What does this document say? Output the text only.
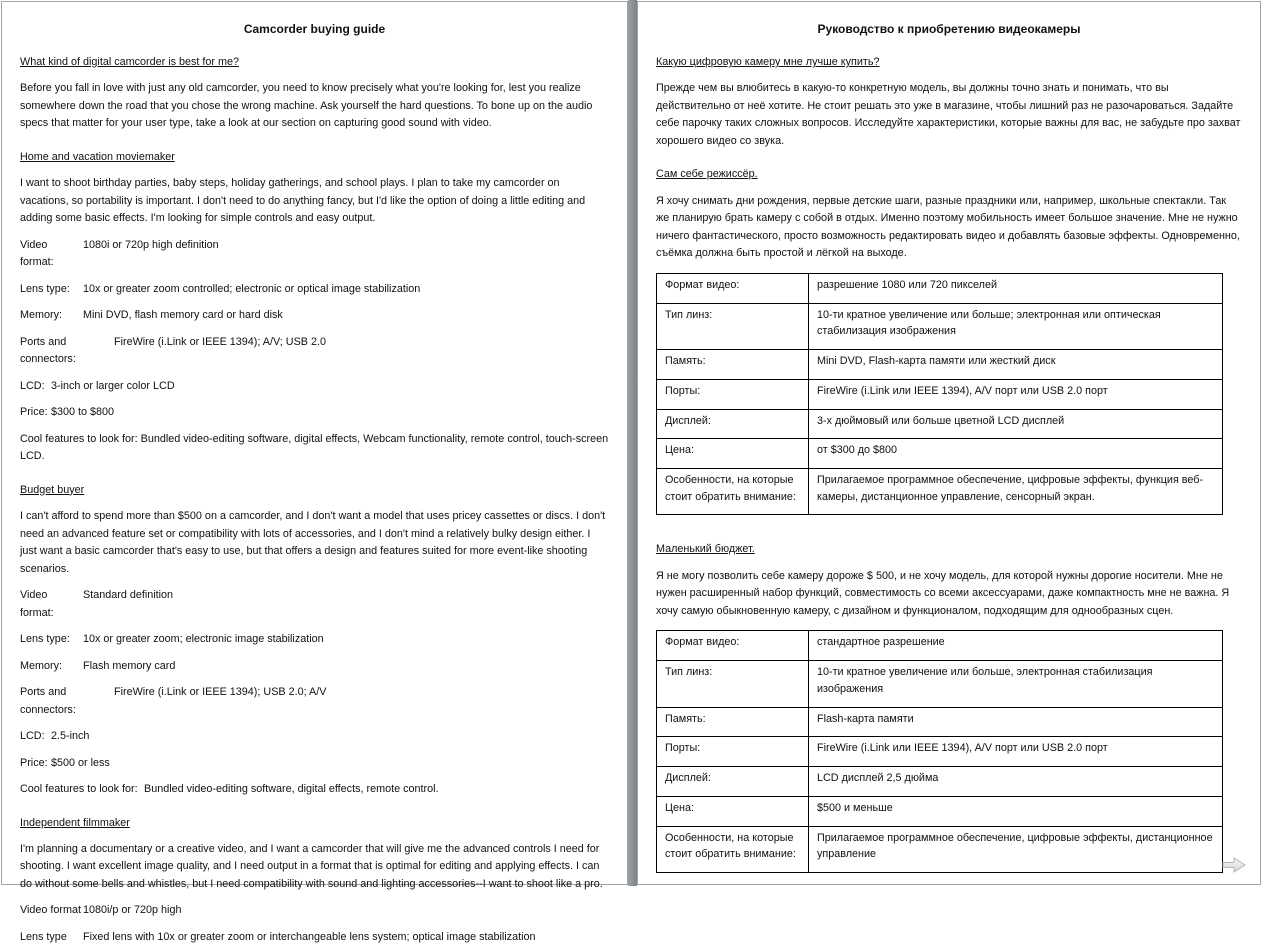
Camcorder buying guide
What kind of digital camcorder is best for me?

Before you fall in love with just any old camcorder, you need to know precisely what you're looking for, lest you realize somewhere down the road that you chose the wrong machine. Ask yourself the hard questions. To bone up on the audio specs that matter for your user type, take a look at our section on capturing good sound with video.

Home and vacation moviemaker

I want to shoot birthday parties, baby steps, holiday gatherings, and school plays. I plan to take my camcorder on vacations, so portability is important. I don't need to do anything fancy, but I'd like the option of doing a little editing and adding some basic effects. I'm looking for simple controls and easy output.

Video format:
1080i or 720p high definition
Lens type:	10x or greater zoom controlled; electronic or optical image stabilization
Memory:	Mini DVD, flash memory card or hard disk
Ports and connectors:
FireWire (i.Link or IEEE 1394); A/V; USB 2.0
LCD: 3-inch or larger color LCD
Price: $300 to $800

Cool features to look for: Bundled video-editing software, digital effects, Webcam functionality, remote control, touch-screen LCD.

Budget buyer

I can't afford to spend more than $500 on a camcorder, and I don't want a model that uses pricey cassettes or discs. I don't need an advanced feature set or compatibility with lots of accessories, and I don't mind a relatively bulky design either. I just want a basic camcorder that's easy to use, but that offers a design and features suited for more event-like shooting scenarios.

Video format:
Standard definition
Lens type:	10x or greater zoom; electronic image stabilization
Memory:	Flash memory card
Ports and connectors:
FireWire (i.Link or IEEE 1394); USB 2.0; A/V
LCD: 2.5-inch
Price: $500 or less
Cool features to look for: Bundled video-editing software, digital effects, remote control.
Independent filmmaker

I'm planning a documentary or a creative video, and I want a camcorder that will give me the advanced controls I need for shooting. I want excellent image quality, and I need output in a format that is optimal for editing and applying effects. I can do without some bells and whistles, but I need compatibility with sound and lighting accessories--I want to shoot like a pro.

Video format 1080i/p or 720p high
Lens type	Fixed lens with 10x or greater zoom or interchangeable lens system; optical image stabilization
Руководство к приобретению видеокамеры
Какую цифровую камеру мне лучше купить?

Прежде чем вы влюбитесь в какую-то конкретную модель, вы должны точно знать и понимать, что вы действительно от неё хотите. Не стоит решать это уже в магазине, чтобы лишний раз не разочароваться. Задайте себе парочку таких сложных вопросов. Исследуйте характеристики, которые важны для вас, не забудьте про захват хорошего видео со звука.

Сам себе режиссёр.

Я хочу снимать дни рождения, первые детские шаги, разные праздники или, например, школьные спектакли. Так же планирую брать камеру с собой в отдых. Именно поэтому мобильность имеет большое значение. Мне не нужно ничего фантастического, просто возможность редактировать видео и добавлять базовые эффекты. Одновременно, съёмка должна быть простой и лёгкой на выходе.

Формат видео:	разрешение 1080 или 720 пикселей
Тип линз:	10-ти кратное увеличение или больше; электронная или оптическая стабилизация изображения
Память:	Mini DVD, Flash-карта памяти или жесткий диск
Порты:	FireWire (i.Link или IEEE 1394), A/V порт или USB 2.0 порт
Дисплей:	3-х дюймовый или больше цветной LCD дисплей
Цена:	от $300 до $800
Особенности, на которые стоит обратить внимание:	Прилагаемое программное обеспечение, цифровые эффекты, функция веб-камеры, дистанционное управление, сенсорный экран.
Маленький бюджет.

Я не могу позволить себе камеру дороже $ 500, и не хочу модель, для которой нужны дорогие носители. Мне не нужен расширенный набор функций, совместимость со всеми аксессуарами, даже компактность мне не важна. Я хочу самую обыкновенную камеру, с дизайном и функционалом, подходящим для однообразных сцен.

Формат видео:	стандартное разрешение
Тип линз:	10-ти кратное увеличение или больше, электронная стабилизация изображения
Память:	Flash-карта памяти
Порты:	FireWire (i.Link или IEEE 1394), A/V порт или USB 2.0 порт
Дисплей:	LCD дисплей 2,5 дюйма
Цена:	$500 и меньше
Особенности, на которые стоит обратить внимание:	Прилагаемое программное обеспечение, цифровые эффекты, дистанционное управление
